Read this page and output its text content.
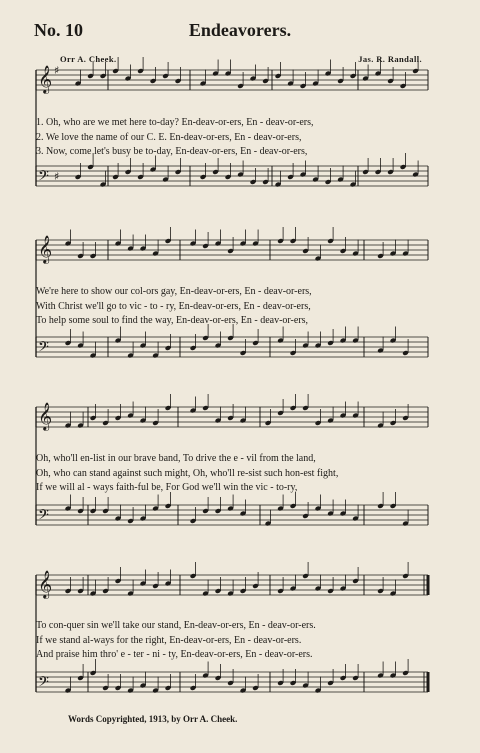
No. 10	Endeavorers.
Orr A. Cheek.	Jas. R. Randall.
𝄞 ♯
𝄢 ♯
𝄞
𝄢
𝄞
𝄢
𝄞
𝄢
1. Oh, who are we met here to-day? En-deav-or-ers, En - deav-or-ers,
2. We love the name of our C. E. En-deav-or-ers, En - deav-or-ers,
3. Now, come let's busy be to-day, En-deav-or-ers, En - deav-or-ers,
We're here to show our col-ors gay, En-deav-or-ers, En - deav-or-ers,
With Christ we'll go to vic - to - ry, En-deav-or-ers, En - deav-or-ers,
To help some soul to find the way, En-deav-or-ers, En - deav-or-ers,
Oh, who'll en-list in our brave band, To drive the e - vil from the land,
Oh, who can stand against such might, Oh, who'll re-sist such hon-est fight,
If we will al - ways faith-ful be, For God we'll win the vic - to-ry,
To con-quer sin we'll take our stand, En-deav-or-ers, En - deav-or-ers.
If we stand al-ways for the right, En-deav-or-ers, En - deav-or-ers.
And praise him thro' e - ter - ni - ty, En-deav-or-ers, En - deav-or-ers.
Words Copyrighted, 1913, by Orr A. Cheek.
